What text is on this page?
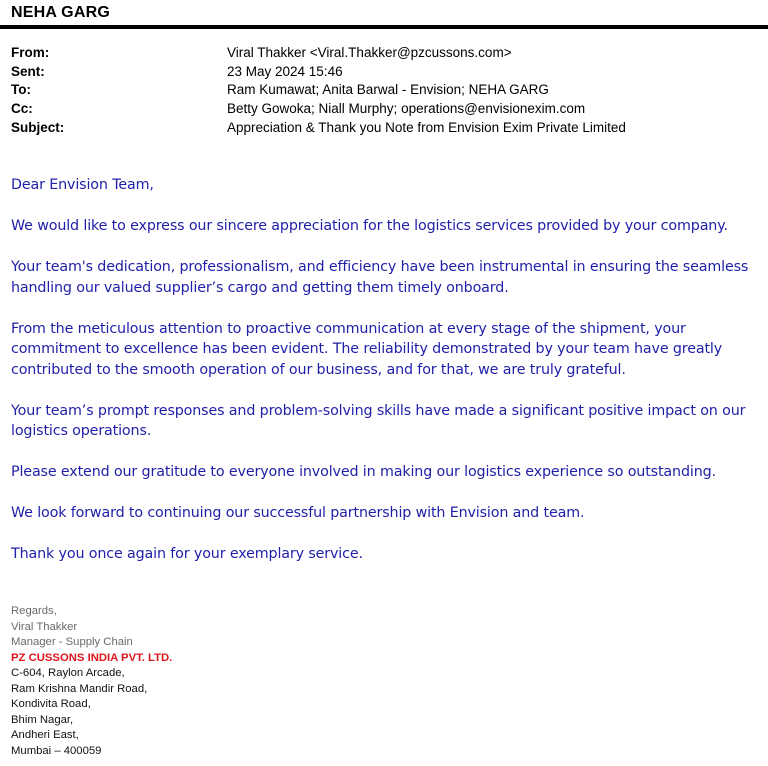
NEHA GARG
From:	Viral Thakker <Viral.Thakker@pzcussons.com>
Sent:	23 May 2024 15:46
To:	Ram Kumawat; Anita Barwal - Envision; NEHA GARG
Cc:	Betty Gowoka; Niall Murphy; operations@envisionexim.com
Subject:	Appreciation & Thank you Note from Envision Exim Private Limited

Dear Envision Team,

We would like to express our sincere appreciation for the logistics services provided by your company.

Your team's dedication, professionalism, and efficiency have been instrumental in ensuring the seamless handling our valued supplier’s cargo and getting them timely onboard.

From the meticulous attention to proactive communication at every stage of the shipment, your commitment to excellence has been evident. The reliability demonstrated by your team have greatly contributed to the smooth operation of our business, and for that, we are truly grateful.

Your team’s prompt responses and problem-solving skills have made a significant positive impact on our logistics operations.

Please extend our gratitude to everyone involved in making our logistics experience so outstanding.

We look forward to continuing our successful partnership with Envision and team.

Thank you once again for your exemplary service.

Regards,
Viral Thakker
Manager - Supply Chain
PZ CUSSONS INDIA PVT. LTD.
C-604, Raylon Arcade,
Ram Krishna Mandir Road,
Kondivita Road,
Bhim Nagar,
Andheri East,
Mumbai – 400059
